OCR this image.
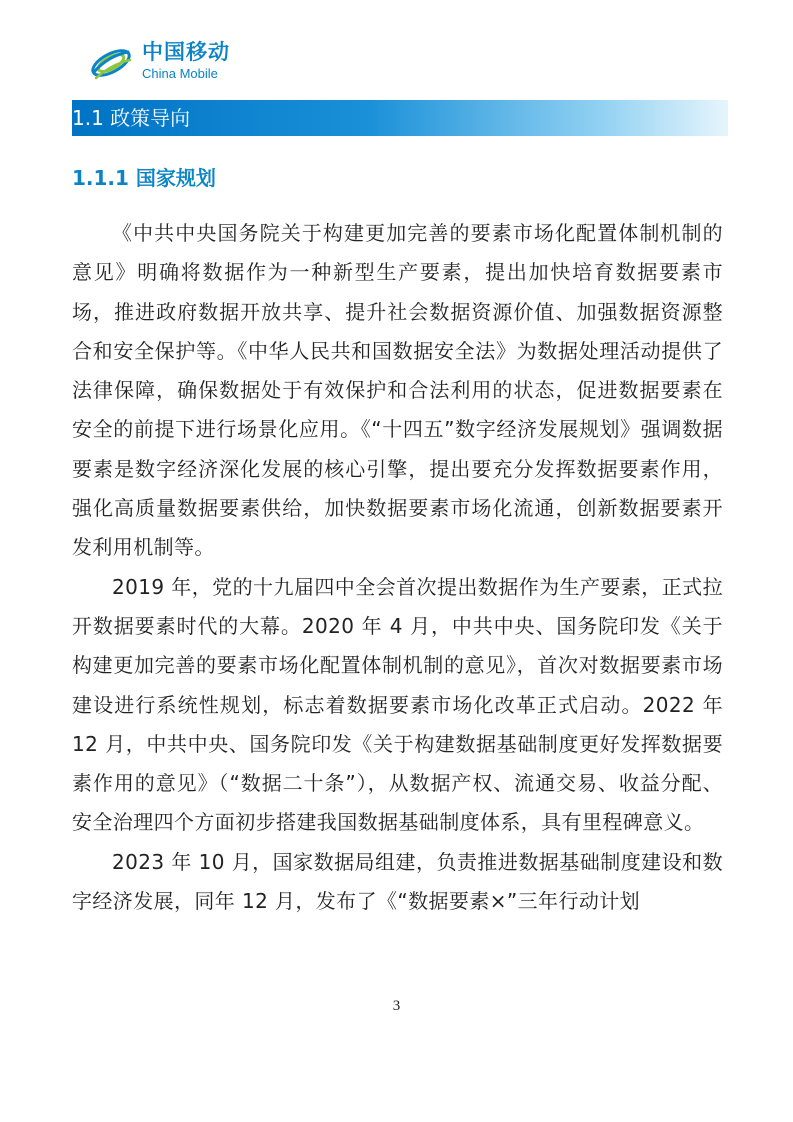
中国移动
China Mobile
1.1 政策导向
1.1.1 国家规划

《中共中央国务院关于构建更加完善的要素市场化配置体制机制的意见》明确将数据作为一种新型生产要素，提出加快培育数据要素市场，推进政府数据开放共享、提升社会数据资源价值、加强数据资源整合和安全保护等。《中华人民共和国数据安全法》为数据处理活动提供了法律保障，确保数据处于有效保护和合法利用的状态，促进数据要素在安全的前提下进行场景化应用。《“十四五”数字经济发展规划》强调数据要素是数字经济深化发展的核心引擎，提出要充分发挥数据要素作用，强化高质量数据要素供给，加快数据要素市场化流通，创新数据要素开发利用机制等。

2019 年，党的十九届四中全会首次提出数据作为生产要素，正式拉开数据要素时代的大幕。2020 年 4 月，中共中央、国务院印发《关于构建更加完善的要素市场化配置体制机制的意见》，首次对数据要素市场建设进行系统性规划，标志着数据要素市场化改革正式启动。2022 年 12 月，中共中央、国务院印发《关于构建数据基础制度更好发挥数据要素作用的意见》（“数据二十条”），从数据产权、流通交易、收益分配、安全治理四个方面初步搭建我国数据基础制度体系，具有里程碑意义。

2023 年 10 月，国家数据局组建，负责推进数据基础制度建设和数字经济发展，同年 12 月，发布了《“数据要素×”三年行动计划

3
